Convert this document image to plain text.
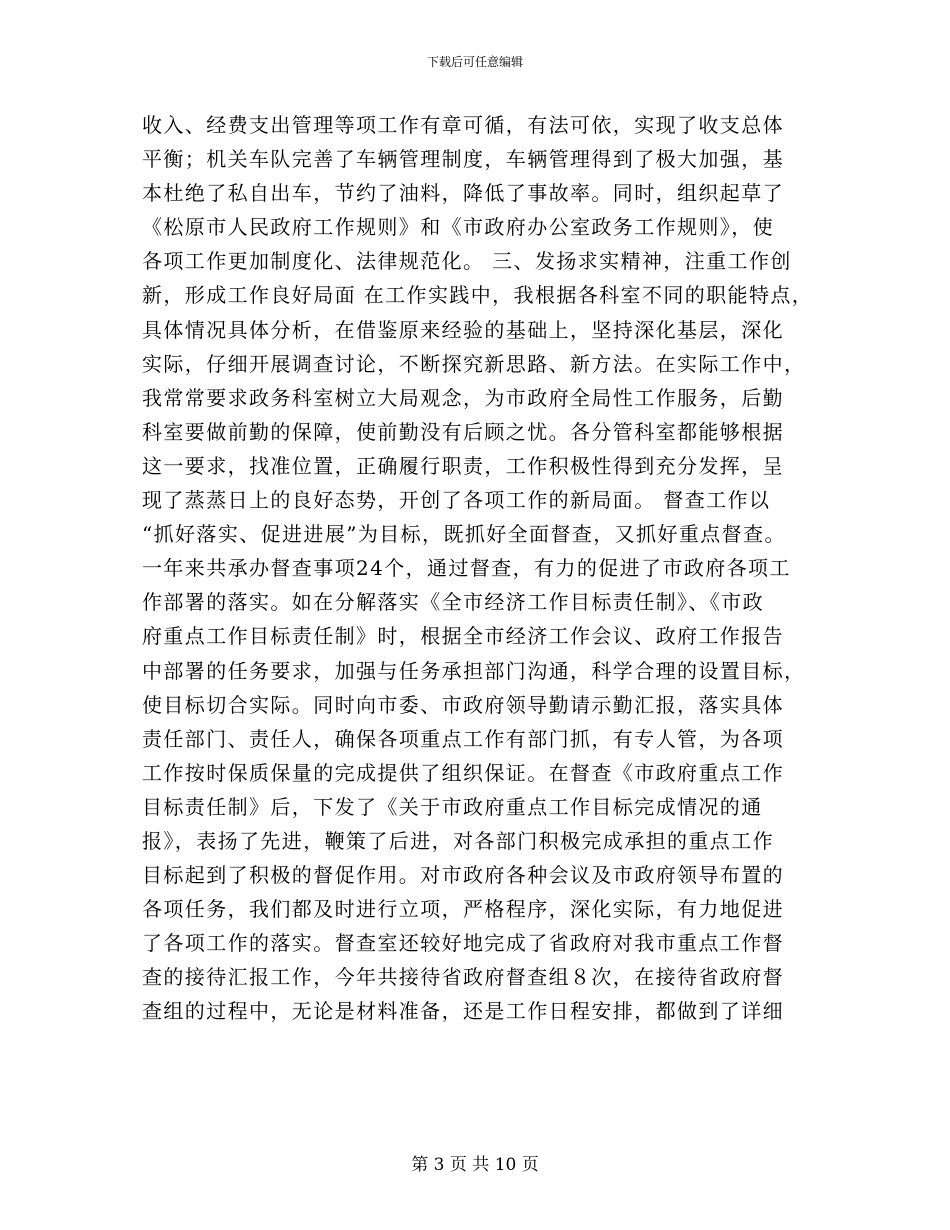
下载后可任意编辑
收入、经费支出管理等项工作有章可循，有法可依，实现了收支总体
平衡；机关车队完善了车辆管理制度，车辆管理得到了极大加强，基
本杜绝了私自出车，节约了油料，降低了事故率。同时，组织起草了
《松原市人民政府工作规则》和《市政府办公室政务工作规则》，使
各项工作更加制度化、法律规范化。 三、发扬求实精神，注重工作创
新，形成工作良好局面 在工作实践中，我根据各科室不同的职能特点，
具体情况具体分析，在借鉴原来经验的基础上，坚持深化基层，深化
实际，仔细开展调查讨论，不断探究新思路、新方法。在实际工作中，
我常常要求政务科室树立大局观念，为市政府全局性工作服务，后勤
科室要做前勤的保障，使前勤没有后顾之忧。各分管科室都能够根据
这一要求，找准位置，正确履行职责，工作积极性得到充分发挥，呈
现了蒸蒸日上的良好态势，开创了各项工作的新局面。 督查工作以
“抓好落实、促进进展”为目标，既抓好全面督查，又抓好重点督查。
一年来共承办督查事项24个，通过督查，有力的促进了市政府各项工
作部署的落实。如在分解落实《全市经济工作目标责任制》、《市政
府重点工作目标责任制》时，根据全市经济工作会议、政府工作报告
中部署的任务要求，加强与任务承担部门沟通，科学合理的设置目标，
使目标切合实际。同时向市委、市政府领导勤请示勤汇报，落实具体
责任部门、责任人，确保各项重点工作有部门抓，有专人管，为各项
工作按时保质保量的完成提供了组织保证。在督查《市政府重点工作
目标责任制》后，下发了《关于市政府重点工作目标完成情况的通
报》，表扬了先进，鞭策了后进，对各部门积极完成承担的重点工作
目标起到了积极的督促作用。对市政府各种会议及市政府领导布置的
各项任务，我们都及时进行立项，严格程序，深化实际，有力地促进
了各项工作的落实。督查室还较好地完成了省政府对我市重点工作督
查的接待汇报工作，今年共接待省政府督查组８次，在接待省政府督
查组的过程中，无论是材料准备，还是工作日程安排，都做到了详细
第 3 页 共 10 页
